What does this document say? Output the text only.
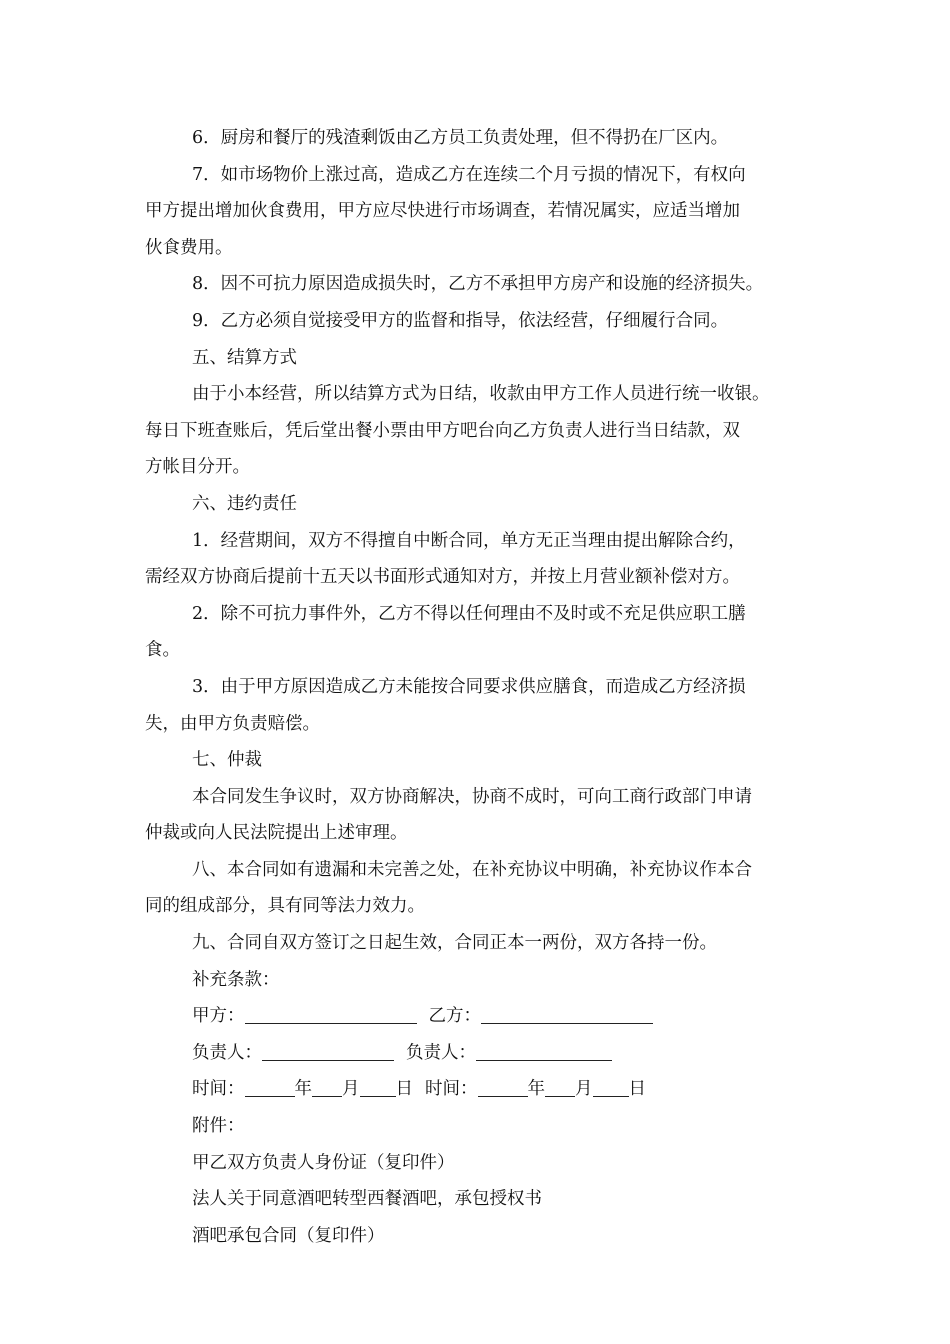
6．厨房和餐厅的残渣剩饭由乙方员工负责处理，但不得扔在厂区内。
7．如市场物价上涨过高，造成乙方在连续二个月亏损的情况下，有权向
甲方提出增加伙食费用，甲方应尽快进行市场调查，若情况属实，应适当增加
伙食费用。
8．因不可抗力原因造成损失时，乙方不承担甲方房产和设施的经济损失。
9．乙方必须自觉接受甲方的监督和指导，依法经营，仔细履行合同。
五、结算方式
由于小本经营，所以结算方式为日结，收款由甲方工作人员进行统一收银。
每日下班查账后，凭后堂出餐小票由甲方吧台向乙方负责人进行当日结款，双
方帐目分开。
六、违约责任
1．经营期间，双方不得擅自中断合同，单方无正当理由提出解除合约，
需经双方协商后提前十五天以书面形式通知对方，并按上月营业额补偿对方。
2．除不可抗力事件外，乙方不得以任何理由不及时或不充足供应职工膳
食。
3．由于甲方原因造成乙方未能按合同要求供应膳食，而造成乙方经济损
失，由甲方负责赔偿。
七、仲裁
本合同发生争议时，双方协商解决，协商不成时，可向工商行政部门申请
仲裁或向人民法院提出上述审理。
八、本合同如有遗漏和未完善之处，在补充协议中明确，补充协议作本合
同的组成部分，具有同等法力效力。
九、合同自双方签订之日起生效，合同正本一两份，双方各持一份。
补充条款：
甲方：	乙方：
负责人：	负责人：
时间：	年 月 日 时间：	年 月 日
附件：
甲乙双方负责人身份证（复印件）
法人关于同意酒吧转型西餐酒吧，承包授权书
酒吧承包合同（复印件）
